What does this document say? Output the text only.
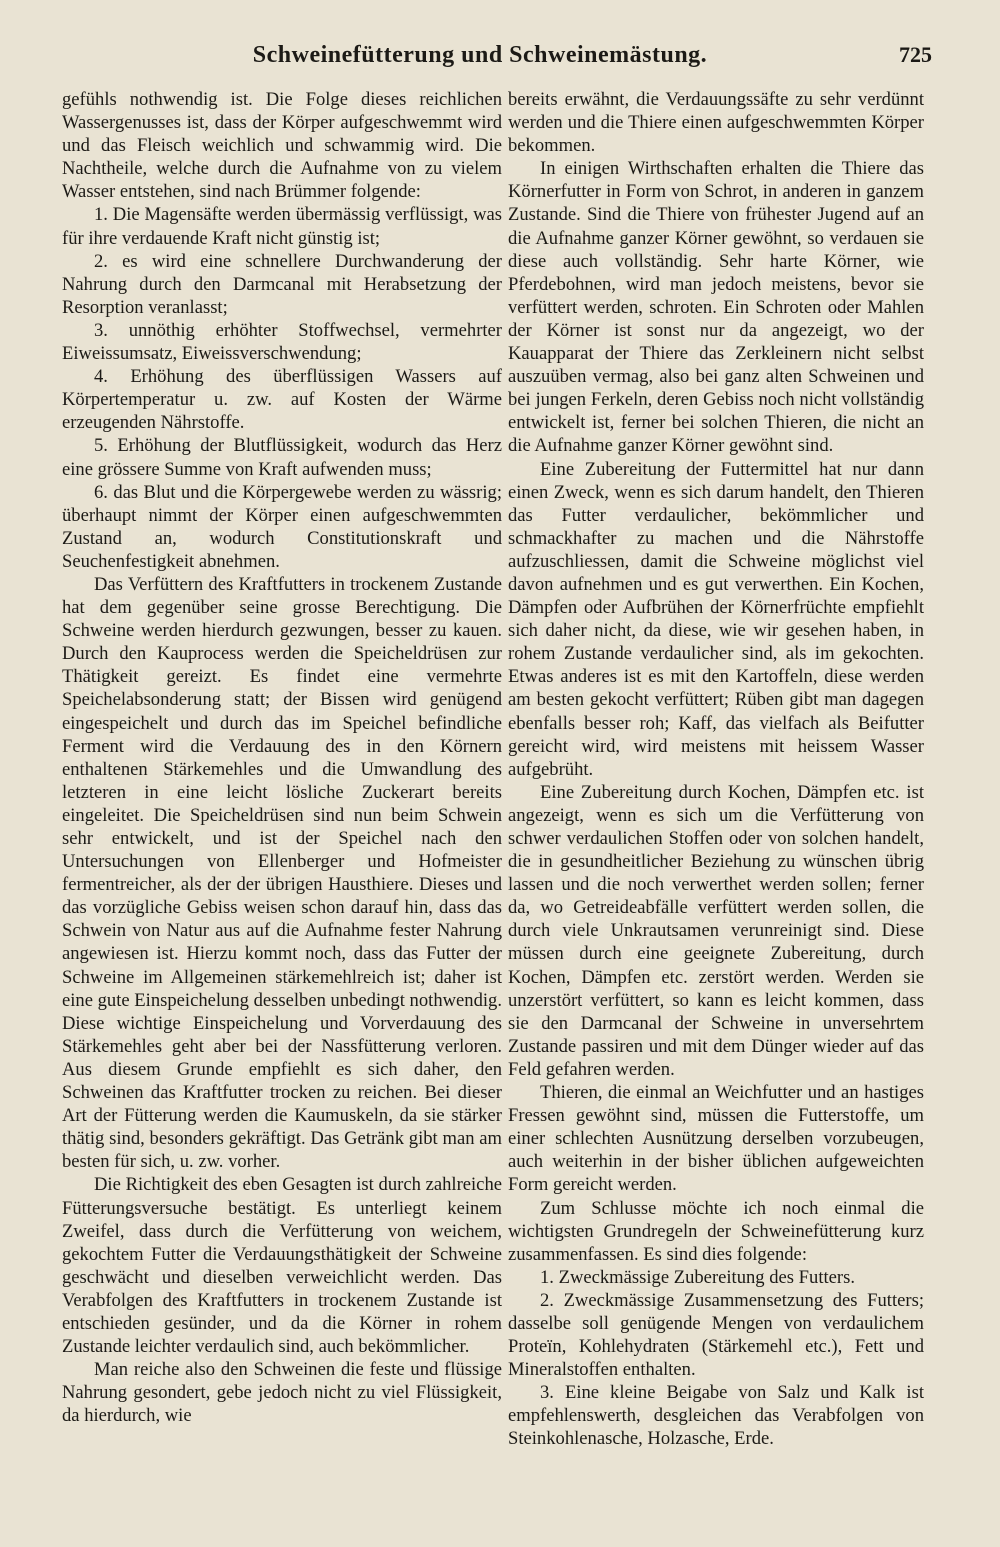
Schweinefütterung und Schweinemästung.	725

gefühls nothwendig ist. Die Folge dieses reichlichen Wassergenusses ist, dass der Körper aufgeschwemmt wird und das Fleisch weichlich und schwammig wird. Die Nachtheile, welche durch die Aufnahme von zu vielem Wasser entstehen, sind nach Brümmer folgende:

1. Die Magensäfte werden übermässig verflüssigt, was für ihre verdauende Kraft nicht günstig ist;

2. es wird eine schnellere Durchwanderung der Nahrung durch den Darmcanal mit Herabsetzung der Resorption veranlasst;

3. unnöthig erhöhter Stoffwechsel, vermehrter Eiweissumsatz, Eiweissverschwendung;

4. Erhöhung des überflüssigen Wassers auf Körpertemperatur u. zw. auf Kosten der Wärme erzeugenden Nährstoffe.

5. Erhöhung der Blutflüssigkeit, wodurch das Herz eine grössere Summe von Kraft aufwenden muss;

6. das Blut und die Körpergewebe werden zu wässrig; überhaupt nimmt der Körper einen aufgeschwemmten Zustand an, wodurch Constitutionskraft und Seuchenfestigkeit abnehmen.

Das Verfüttern des Kraftfutters in trockenem Zustande hat dem gegenüber seine grosse Berechtigung. Die Schweine werden hierdurch gezwungen, besser zu kauen. Durch den Kauprocess werden die Speicheldrüsen zur Thätigkeit gereizt. Es findet eine vermehrte Speichelabsonderung statt; der Bissen wird genügend eingespeichelt und durch das im Speichel befindliche Ferment wird die Verdauung des in den Körnern enthaltenen Stärkemehles und die Umwandlung des letzteren in eine leicht lösliche Zuckerart bereits eingeleitet. Die Speicheldrüsen sind nun beim Schwein sehr entwickelt, und ist der Speichel nach den Untersuchungen von Ellenberger und Hofmeister fermentreicher, als der der übrigen Hausthiere. Dieses und das vorzügliche Gebiss weisen schon darauf hin, dass das Schwein von Natur aus auf die Aufnahme fester Nahrung angewiesen ist. Hierzu kommt noch, dass das Futter der Schweine im Allgemeinen stärkemehlreich ist; daher ist eine gute Einspeichelung desselben unbedingt nothwendig. Diese wichtige Einspeichelung und Vorverdauung des Stärkemehles geht aber bei der Nassfütterung verloren. Aus diesem Grunde empfiehlt es sich daher, den Schweinen das Kraftfutter trocken zu reichen. Bei dieser Art der Fütterung werden die Kaumuskeln, da sie stärker thätig sind, besonders gekräftigt. Das Getränk gibt man am besten für sich, u. zw. vorher.

Die Richtigkeit des eben Gesagten ist durch zahlreiche Fütterungsversuche bestätigt. Es unterliegt keinem Zweifel, dass durch die Verfütterung von weichem, gekochtem Futter die Verdauungsthätigkeit der Schweine geschwächt und dieselben verweichlicht werden. Das Verabfolgen des Kraftfutters in trockenem Zustande ist entschieden gesünder, und da die Körner in rohem Zustande leichter verdaulich sind, auch bekömmlicher.

Man reiche also den Schweinen die feste und flüssige Nahrung gesondert, gebe jedoch nicht zu viel Flüssigkeit, da hierdurch, wie

bereits erwähnt, die Verdauungssäfte zu sehr verdünnt werden und die Thiere einen aufgeschwemmten Körper bekommen.

In einigen Wirthschaften erhalten die Thiere das Körnerfutter in Form von Schrot, in anderen in ganzem Zustande. Sind die Thiere von frühester Jugend auf an die Aufnahme ganzer Körner gewöhnt, so verdauen sie diese auch vollständig. Sehr harte Körner, wie Pferdebohnen, wird man jedoch meistens, bevor sie verfüttert werden, schroten. Ein Schroten oder Mahlen der Körner ist sonst nur da angezeigt, wo der Kauapparat der Thiere das Zerkleinern nicht selbst auszuüben vermag, also bei ganz alten Schweinen und bei jungen Ferkeln, deren Gebiss noch nicht vollständig entwickelt ist, ferner bei solchen Thieren, die nicht an die Aufnahme ganzer Körner gewöhnt sind.

Eine Zubereitung der Futtermittel hat nur dann einen Zweck, wenn es sich darum handelt, den Thieren das Futter verdaulicher, bekömmlicher und schmackhafter zu machen und die Nährstoffe aufzuschliessen, damit die Schweine möglichst viel davon aufnehmen und es gut verwerthen. Ein Kochen, Dämpfen oder Aufbrühen der Körnerfrüchte empfiehlt sich daher nicht, da diese, wie wir gesehen haben, in rohem Zustande verdaulicher sind, als im gekochten. Etwas anderes ist es mit den Kartoffeln, diese werden am besten gekocht verfüttert; Rüben gibt man dagegen ebenfalls besser roh; Kaff, das vielfach als Beifutter gereicht wird, wird meistens mit heissem Wasser aufgebrüht.

Eine Zubereitung durch Kochen, Dämpfen etc. ist angezeigt, wenn es sich um die Verfütterung von schwer verdaulichen Stoffen oder von solchen handelt, die in gesundheitlicher Beziehung zu wünschen übrig lassen und die noch verwerthet werden sollen; ferner da, wo Getreideabfälle verfüttert werden sollen, die durch viele Unkrautsamen verunreinigt sind. Diese müssen durch eine geeignete Zubereitung, durch Kochen, Dämpfen etc. zerstört werden. Werden sie unzerstört verfüttert, so kann es leicht kommen, dass sie den Darmcanal der Schweine in unversehrtem Zustande passiren und mit dem Dünger wieder auf das Feld gefahren werden.

Thieren, die einmal an Weichfutter und an hastiges Fressen gewöhnt sind, müssen die Futterstoffe, um einer schlechten Ausnützung derselben vorzubeugen, auch weiterhin in der bisher üblichen aufgeweichten Form gereicht werden.

Zum Schlusse möchte ich noch einmal die wichtigsten Grundregeln der Schweinefütterung kurz zusammenfassen. Es sind dies folgende:

1. Zweckmässige Zubereitung des Futters.

2. Zweckmässige Zusammensetzung des Futters; dasselbe soll genügende Mengen von verdaulichem Proteïn, Kohlehydraten (Stärkemehl etc.), Fett und Mineralstoffen enthalten.

3. Eine kleine Beigabe von Salz und Kalk ist empfehlenswerth, desgleichen das Verabfolgen von Steinkohlenasche, Holzasche, Erde.
